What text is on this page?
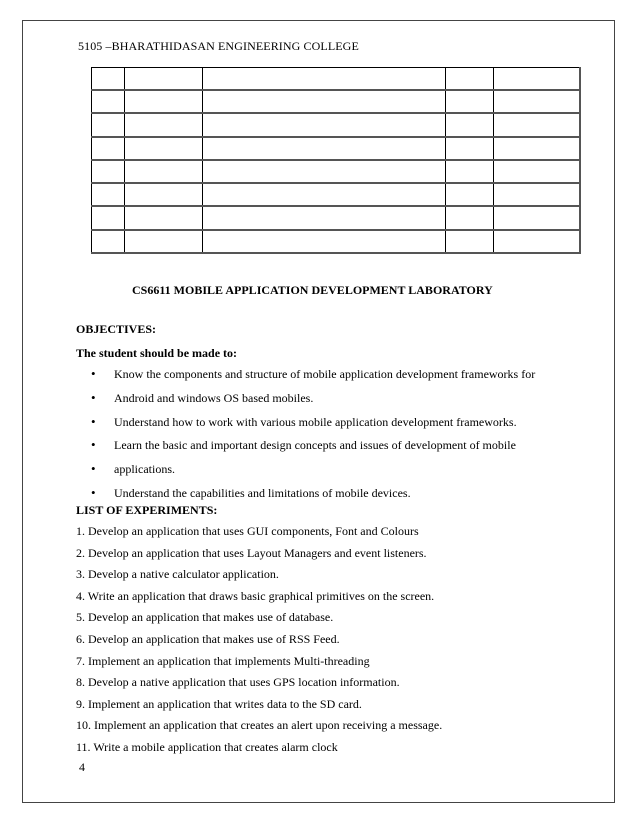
5105 –BHARATHIDASAN ENGINEERING COLLEGE

CS6611 MOBILE APPLICATION DEVELOPMENT LABORATORY
OBJECTIVES:
The student should be made to:
• Know the components and structure of mobile application development frameworks for
• Android and windows OS based mobiles.
• Understand how to work with various mobile application development frameworks.
• Learn the basic and important design concepts and issues of development of mobile
• applications.
• Understand the capabilities and limitations of mobile devices.
LIST OF EXPERIMENTS:
1. Develop an application that uses GUI components, Font and Colours
2. Develop an application that uses Layout Managers and event listeners.
3. Develop a native calculator application.
4. Write an application that draws basic graphical primitives on the screen.
5. Develop an application that makes use of database.
6. Develop an application that makes use of RSS Feed.
7. Implement an application that implements Multi-threading
8. Develop a native application that uses GPS location information.
9. Implement an application that writes data to the SD card.
10. Implement an application that creates an alert upon receiving a message.
11. Write a mobile application that creates alarm clock
4
